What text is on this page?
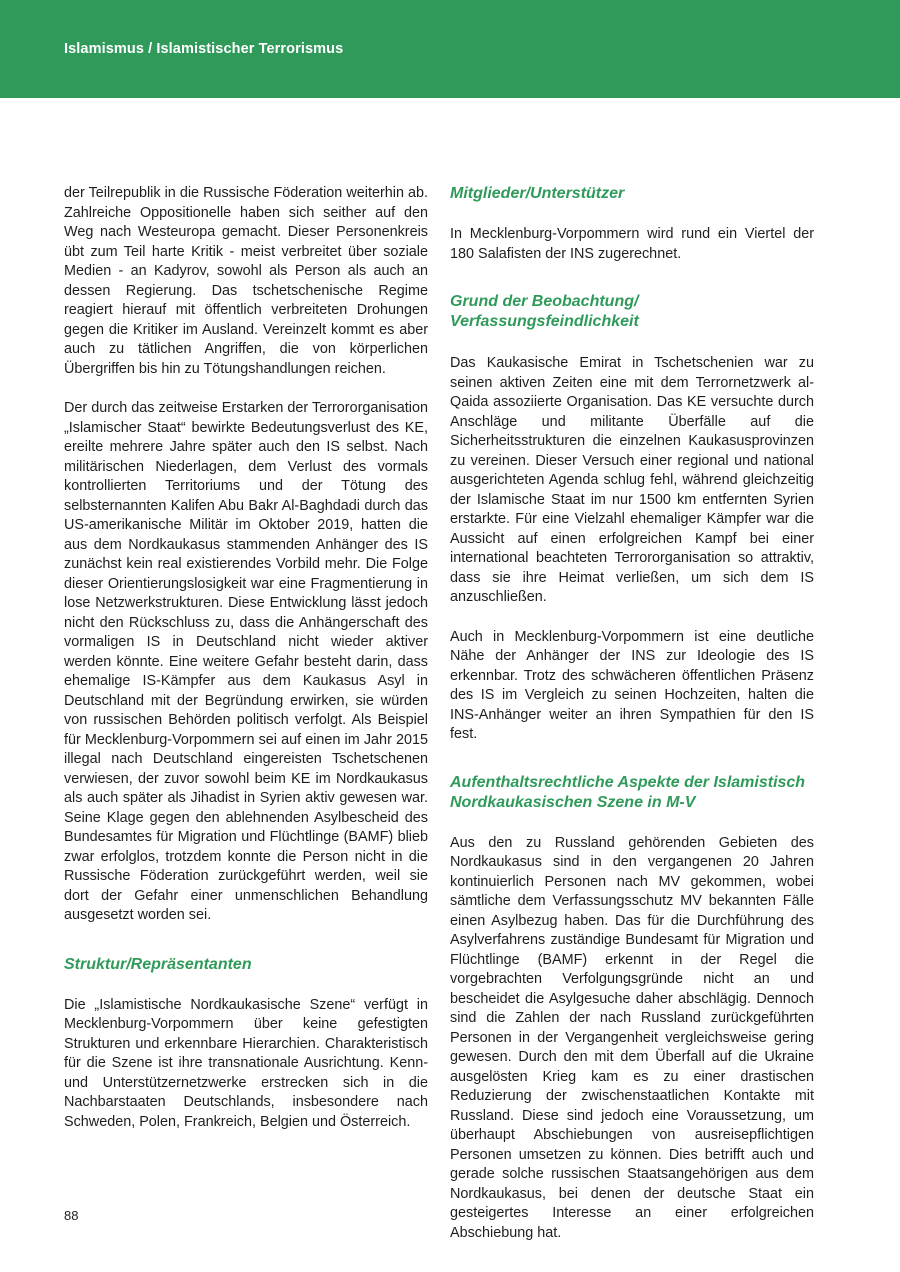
Islamismus / Islamistischer Terrorismus

der Teilrepublik in die Russische Föderation weiterhin ab. Zahlreiche Oppositionelle haben sich seither auf den Weg nach Westeuropa gemacht. Dieser Personenkreis übt zum Teil harte Kritik - meist verbreitet über soziale Medien - an Kadyrov, sowohl als Person als auch an dessen Regierung. Das tschetschenische Regime reagiert hierauf mit öffentlich verbreiteten Drohungen gegen die Kritiker im Ausland. Vereinzelt kommt es aber auch zu tätlichen Angriffen, die von körperlichen Übergriffen bis hin zu Tötungshandlungen reichen.

Der durch das zeitweise Erstarken der Terrororganisation „Islamischer Staat“ bewirkte Bedeutungsverlust des KE, ereilte mehrere Jahre später auch den IS selbst. Nach militärischen Niederlagen, dem Verlust des vormals kontrollierten Territoriums und der Tötung des selbsternannten Kalifen Abu Bakr Al-Baghdadi durch das US-amerikanische Militär im Oktober 2019, hatten die aus dem Nordkaukasus stammenden Anhänger des IS zunächst kein real existierendes Vorbild mehr. Die Folge dieser Orientierungslosigkeit war eine Fragmentierung in lose Netzwerkstrukturen. Diese Entwicklung lässt jedoch nicht den Rückschluss zu, dass die Anhängerschaft des vormaligen IS in Deutschland nicht wieder aktiver werden könnte. Eine weitere Gefahr besteht darin, dass ehemalige IS-Kämpfer aus dem Kaukasus Asyl in Deutschland mit der Begründung erwirken, sie würden von russischen Behörden politisch verfolgt. Als Beispiel für Mecklenburg-Vorpommern sei auf einen im Jahr 2015 illegal nach Deutschland eingereisten Tschetschenen verwiesen, der zuvor sowohl beim KE im Nordkaukasus als auch später als Jihadist in Syrien aktiv gewesen war. Seine Klage gegen den ablehnenden Asylbescheid des Bundesamtes für Migration und Flüchtlinge (BAMF) blieb zwar erfolglos, trotzdem konnte die Person nicht in die Russische Föderation zurückgeführt werden, weil sie dort der Gefahr einer unmenschlichen Behandlung ausgesetzt worden sei.

Struktur/Repräsentanten

Die „Islamistische Nordkaukasische Szene“ verfügt in Mecklenburg-Vorpommern über keine gefestigten Strukturen und erkennbare Hierarchien. Charakteristisch für die Szene ist ihre transnationale Ausrichtung. Kenn- und Unterstützernetzwerke erstrecken sich in die Nachbarstaaten Deutschlands, insbesondere nach Schweden, Polen, Frankreich, Belgien und Österreich.

Mitglieder/Unterstützer

In Mecklenburg-Vorpommern wird rund ein Viertel der 180 Salafisten der INS zugerechnet.

Grund der Beobachtung/
Verfassungsfeindlichkeit

Das Kaukasische Emirat in Tschetschenien war zu seinen aktiven Zeiten eine mit dem Terrornetzwerk al-Qaida assoziierte Organisation. Das KE versuchte durch Anschläge und militante Überfälle auf die Sicherheitsstrukturen die einzelnen Kaukasusprovinzen zu vereinen. Dieser Versuch einer regional und national ausgerichteten Agenda schlug fehl, während gleichzeitig der Islamische Staat im nur 1500 km entfernten Syrien erstarkte. Für eine Vielzahl ehemaliger Kämpfer war die Aussicht auf einen erfolgreichen Kampf bei einer international beachteten Terrororganisation so attraktiv, dass sie ihre Heimat verließen, um sich dem IS anzuschließen.

Auch in Mecklenburg-Vorpommern ist eine deutliche Nähe der Anhänger der INS zur Ideologie des IS erkennbar. Trotz des schwächeren öffentlichen Präsenz des IS im Vergleich zu seinen Hochzeiten, halten die INS-Anhänger weiter an ihren Sympathien für den IS fest.

Aufenthaltsrechtliche Aspekte der Islamistisch
Nordkaukasischen Szene in M-V

Aus den zu Russland gehörenden Gebieten des Nordkaukasus sind in den vergangenen 20 Jahren kontinuierlich Personen nach MV gekommen, wobei sämtliche dem Verfassungsschutz MV bekannten Fälle einen Asylbezug haben. Das für die Durchführung des Asylverfahrens zuständige Bundesamt für Migration und Flüchtlinge (BAMF) erkennt in der Regel die vorgebrachten Verfolgungsgründe nicht an und bescheidet die Asylgesuche daher abschlägig. Dennoch sind die Zahlen der nach Russland zurückgeführten Personen in der Vergangenheit vergleichsweise gering gewesen. Durch den mit dem Überfall auf die Ukraine ausgelösten Krieg kam es zu einer drastischen Reduzierung der zwischenstaatlichen Kontakte mit Russland. Diese sind jedoch eine Voraussetzung, um überhaupt Abschiebungen von ausreisepflichtigen Personen umsetzen zu können. Dies betrifft auch und gerade solche russischen Staatsangehörigen aus dem Nordkaukasus, bei denen der deutsche Staat ein gesteigertes Interesse an einer erfolgreichen Abschiebung hat.

88
